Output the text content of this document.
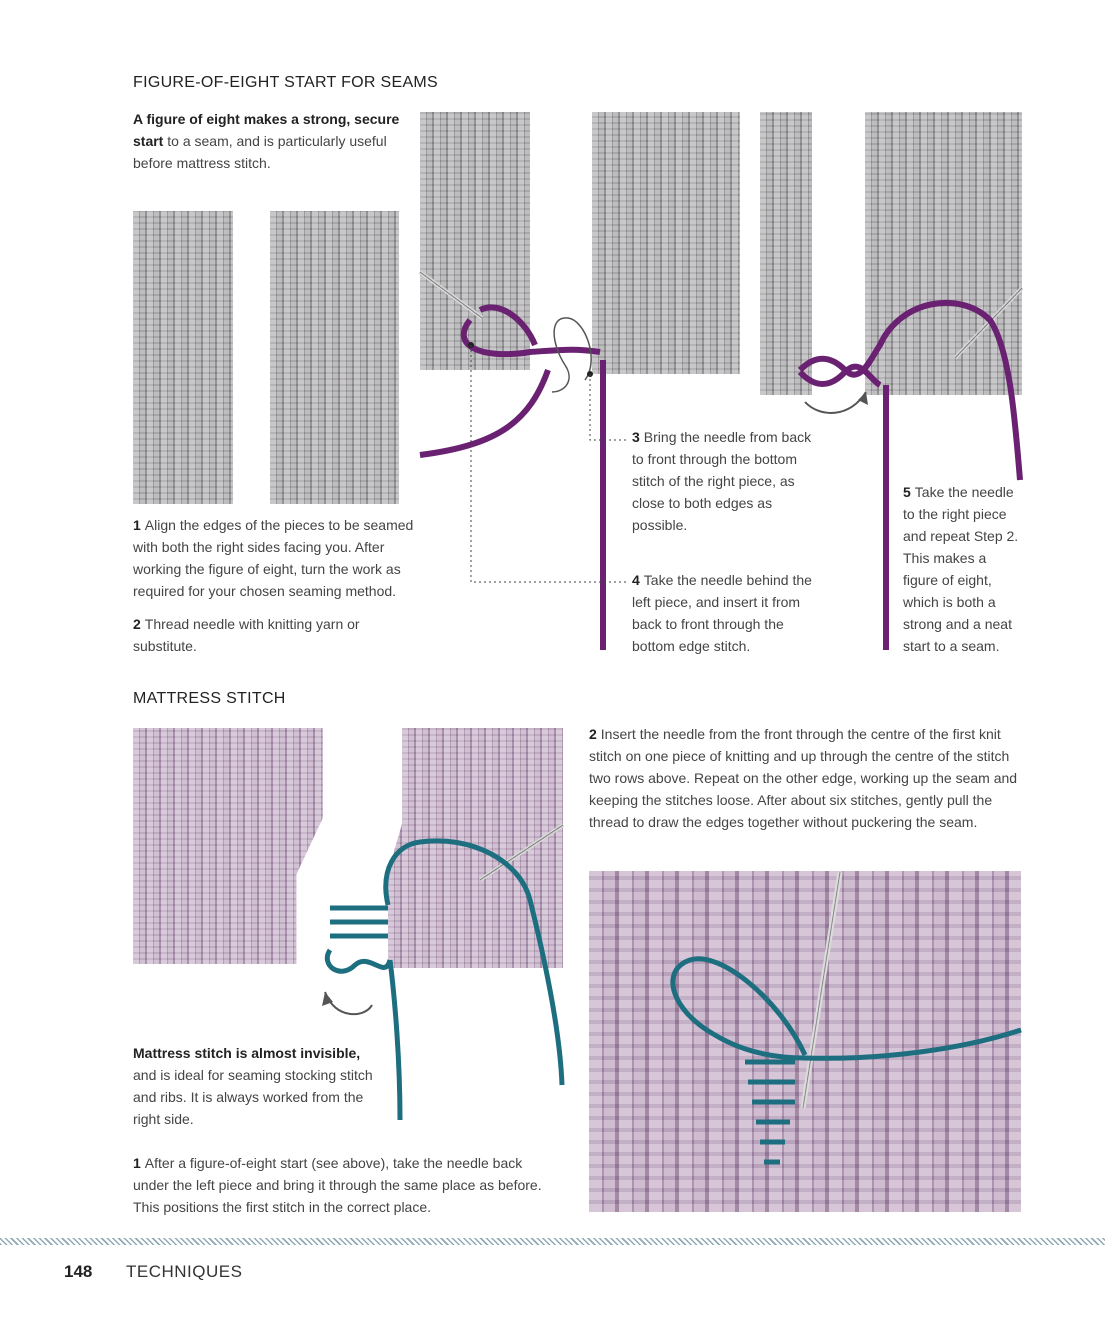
FIGURE-OF-EIGHT START FOR SEAMS
A figure of eight makes a strong, secure start to a seam, and is particularly useful before mattress stitch.
1 Align the edges of the pieces to be seamed with both the right sides facing you. After working the figure of eight, turn the work as required for your chosen seaming method.
2 Thread needle with knitting yarn or substitute.
3 Bring the needle from back to front through the bottom stitch of the right piece, as close to both edges as possible.
4 Take the needle behind the left piece, and insert it from back to front through the bottom edge stitch.
5 Take the needle to the right piece and repeat Step 2. This makes a figure of eight, which is both a strong and a neat start to a seam.
MATTRESS STITCH
Mattress stitch is almost invisible, and is ideal for seaming stocking stitch and ribs. It is always worked from the right side.
1 After a figure-of-eight start (see above), take the needle back under the left piece and bring it through the same place as before. This positions the first stitch in the correct place.
2 Insert the needle from the front through the centre of the first knit stitch on one piece of knitting and up through the centre of the stitch two rows above. Repeat on the other edge, working up the seam and keeping the stitches loose. After about six stitches, gently pull the thread to draw the edges together without puckering the seam.
148 TECHNIQUES
